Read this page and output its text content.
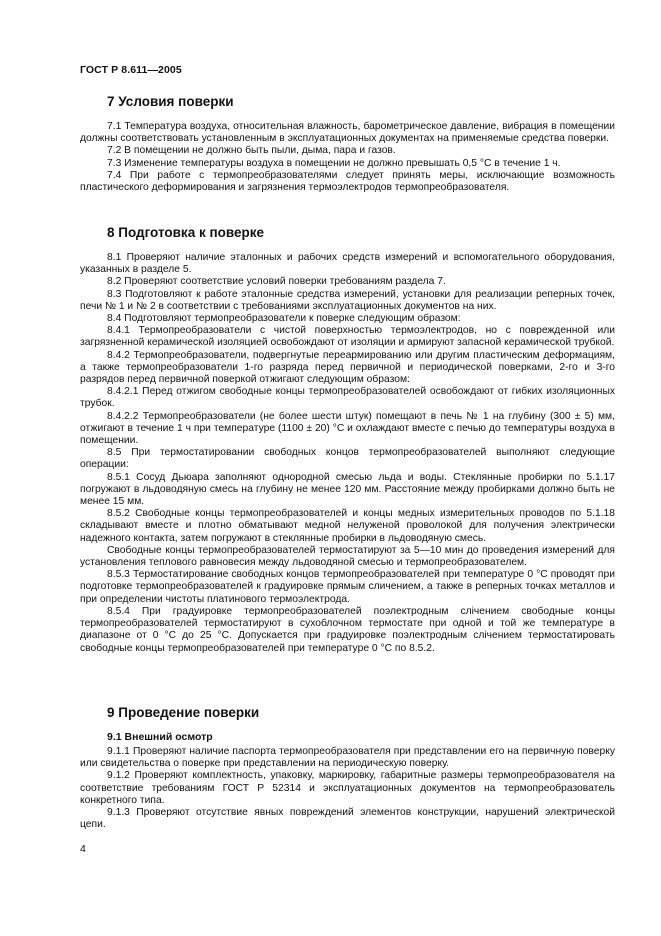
ГОСТ Р 8.611—2005
7 Условия поверки

7.1 Температура воздуха, относительная влажность, барометрическое давление, вибрация в помещении должны соответствовать установленным в эксплуатационных документах на применяемые средства поверки.

7.2 В помещении не должно быть пыли, дыма, пара и газов.

7.3 Изменение температуры воздуха в помещении не должно превышать 0,5 °С в течение 1 ч.

7.4 При работе с термопреобразователями следует принять меры, исключающие возможность пластического деформирования и загрязнения термоэлектродов термопреобразователя.

8 Подготовка к поверке

8.1 Проверяют наличие эталонных и рабочих средств измерений и вспомогательного оборудования, указанных в разделе 5.

8.2 Проверяют соответствие условий поверки требованиям раздела 7.

8.3 Подготовляют к работе эталонные средства измерений, установки для реализации реперных точек, печи № 1 и № 2 в соответствии с требованиями эксплуатационных документов на них.

8.4 Подготовляют термопреобразователи к поверке следующим образом:

8.4.1 Термопреобразователи с чистой поверхностью термоэлектродов, но с поврежденной или загрязненной керамической изоляцией освобождают от изоляции и армируют запасной керамической трубкой.

8.4.2 Термопреобразователи, подвергнутые переармированию или другим пластическим деформациям, а также термопреобразователи 1-го разряда перед первичной и периодической поверками, 2-го и 3-го разрядов перед первичной поверкой отжигают следующим образом:

8.4.2.1 Перед отжигом свободные концы термопреобразователей освобождают от гибких изоляционных трубок.

8.4.2.2 Термопреобразователи (не более шести штук) помещают в печь № 1 на глубину (300 ± 5) мм, отжигают в течение 1 ч при температуре (1100 ± 20) °С и охлаждают вместе с печью до температуры воздуха в помещении.

8.5 При термостатировании свободных концов термопреобразователей выполняют следующие операции:

8.5.1 Сосуд Дьюара заполняют однородной смесью льда и воды. Стеклянные пробирки по 5.1.17 погружают в льдоводяную смесь на глубину не менее 120 мм. Расстояние между пробирками должно быть не менее 15 мм.

8.5.2 Свободные концы термопреобразователей и концы медных измерительных проводов по 5.1.18 складывают вместе и плотно обматывают медной нелуженой проволокой для получения электрически надежного контакта, затем погружают в стеклянные пробирки в льдоводяную смесь.

Свободные концы термопреобразователей термостатируют за 5—10 мин до проведения измерений для установления теплового равновесия между льдоводяной смесью и термопреобразователем.

8.5.3 Термостатирование свободных концов термопреобразователей при температуре 0 °С проводят при подготовке термопреобразователей к градуировке прямым сличением, а также в реперных точках металлов и при определении чистоты платинового термоэлектрода.

8.5.4 При градуировке термопреобразователей поэлектродным слічением свободные концы термопреобразователей термостатируют в сухоблочном термостате при одной и той же температуре в диапазоне от 0 °С до 25 °С. Допускается при градуировке поэлектродным слічением термостатировать свободные концы термопреобразователей при температуре 0 °С по 8.5.2.

9 Проведение поверки
9.1 Внешний осмотр

9.1.1 Проверяют наличие паспорта термопреобразователя при представлении его на первичную поверку или свидетельства о поверке при представлении на периодическую поверку.

9.1.2 Проверяют комплектность, упаковку, маркировку, габаритные размеры термопреобразователя на соответствие требованиям ГОСТ Р 52314 и эксплуатационных документов на термопреобразователь конкретного типа.

9.1.3 Проверяют отсутствие явных повреждений элементов конструкции, нарушений электрической цепи.

4
